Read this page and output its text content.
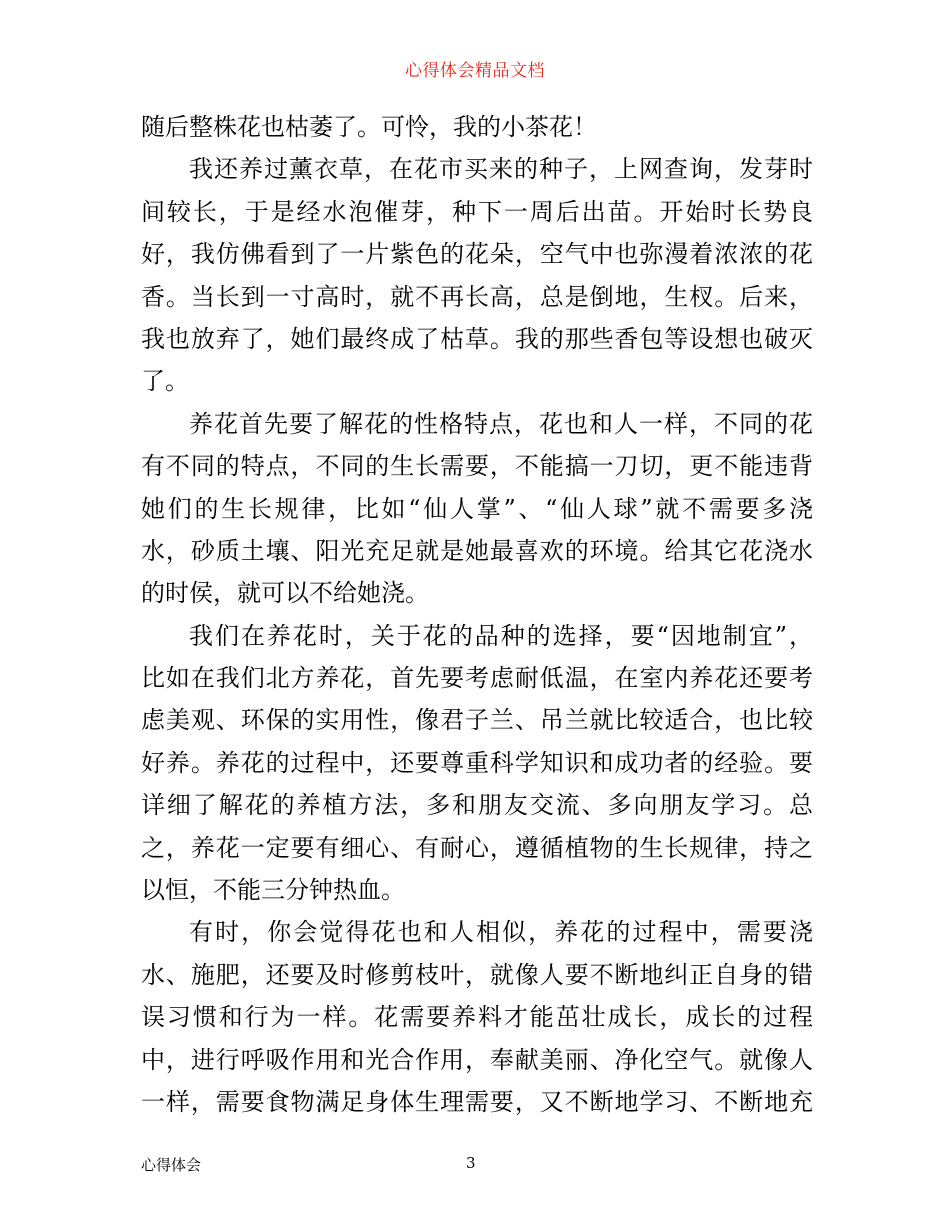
心得体会精品文档
随后整株花也枯萎了。可怜，我的小茶花！
我还养过薰衣草，在花市买来的种子，上网查询，发芽时
间较长，于是经水泡催芽，种下一周后出苗。开始时长势良
好，我仿佛看到了一片紫色的花朵，空气中也弥漫着浓浓的花
香。当长到一寸高时，就不再长高，总是倒地，生杈。后来，
我也放弃了，她们最终成了枯草。我的那些香包等设想也破灭
了。
养花首先要了解花的性格特点，花也和人一样，不同的花
有不同的特点，不同的生长需要，不能搞一刀切，更不能违背
她们的生长规律，比如“仙人掌”、“仙人球”就不需要多浇
水，砂质土壤、阳光充足就是她最喜欢的环境。给其它花浇水
的时侯，就可以不给她浇。
我们在养花时，关于花的品种的选择，要“因地制宜”，
比如在我们北方养花，首先要考虑耐低温，在室内养花还要考
虑美观、环保的实用性，像君子兰、吊兰就比较适合，也比较
好养。养花的过程中，还要尊重科学知识和成功者的经验。要
详细了解花的养植方法，多和朋友交流、多向朋友学习。总
之，养花一定要有细心、有耐心，遵循植物的生长规律，持之
以恒，不能三分钟热血。
有时，你会觉得花也和人相似，养花的过程中，需要浇
水、施肥，还要及时修剪枝叶，就像人要不断地纠正自身的错
误习惯和行为一样。花需要养料才能茁壮成长，成长的过程
中，进行呼吸作用和光合作用，奉献美丽、净化空气。就像人
一样，需要食物满足身体生理需要，又不断地学习、不断地充
心得体会	3
